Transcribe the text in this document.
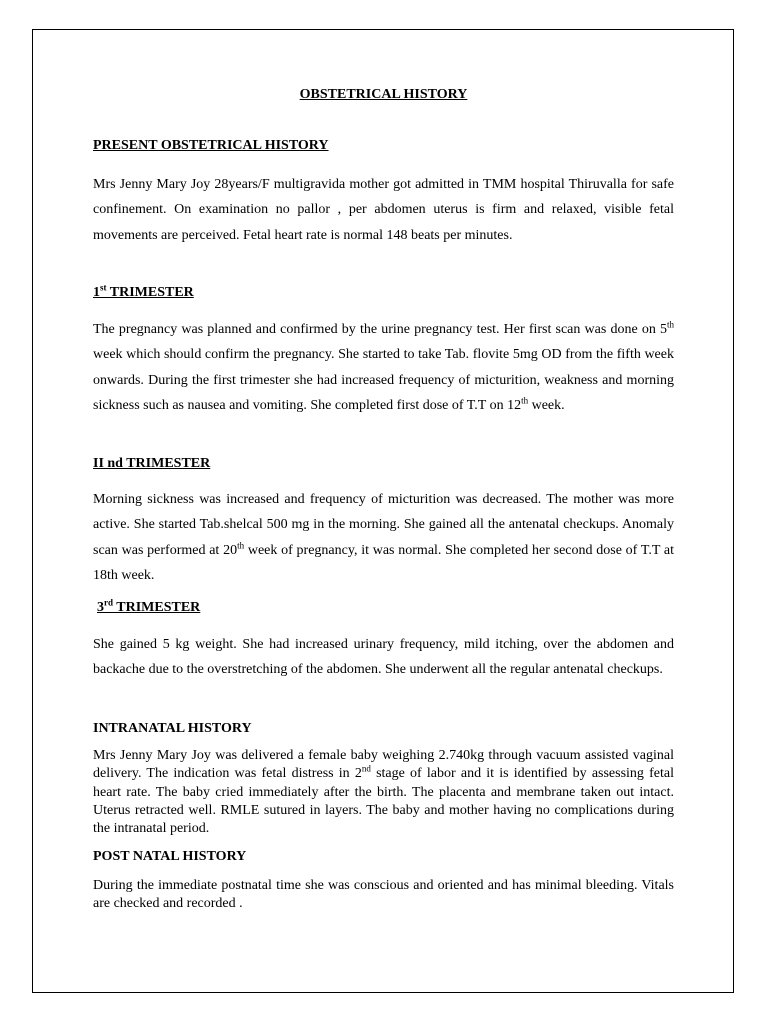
OBSTETRICAL HISTORY
PRESENT OBSTETRICAL HISTORY
Mrs Jenny Mary Joy 28years/F multigravida mother got admitted in TMM hospital Thiruvalla for safe confinement. On examination no pallor , per abdomen uterus is firm and relaxed, visible fetal movements are perceived. Fetal heart rate is normal 148 beats per minutes.
1st TRIMESTER
The pregnancy was planned and confirmed by the urine pregnancy test. Her first scan was done on 5th week which should confirm the pregnancy. She started to take Tab. flovite 5mg OD from the fifth week onwards. During the first trimester she had increased frequency of micturition, weakness and morning sickness such as nausea and vomiting. She completed first dose of T.T on 12th week.
II nd TRIMESTER
Morning sickness was increased and frequency of micturition was decreased. The mother was more active. She started Tab.shelcal 500 mg in the morning. She gained all the antenatal checkups. Anomaly scan was performed at 20th week of pregnancy, it was normal. She completed her second dose of T.T at 18th week.
3rd TRIMESTER
She gained 5 kg weight. She had increased urinary frequency, mild itching, over the abdomen and backache due to the overstretching of the abdomen. She underwent all the regular antenatal checkups.
INTRANATAL HISTORY
Mrs Jenny Mary Joy was delivered a female baby weighing 2.740kg through vacuum assisted vaginal delivery. The indication was fetal distress in 2nd stage of labor and it is identified by assessing fetal heart rate. The baby cried immediately after the birth. The placenta and membrane taken out intact. Uterus retracted well. RMLE sutured in layers. The baby and mother having no complications during the intranatal period.
POST NATAL HISTORY
During the immediate postnatal time she was conscious and oriented and has minimal bleeding. Vitals are checked and recorded .
